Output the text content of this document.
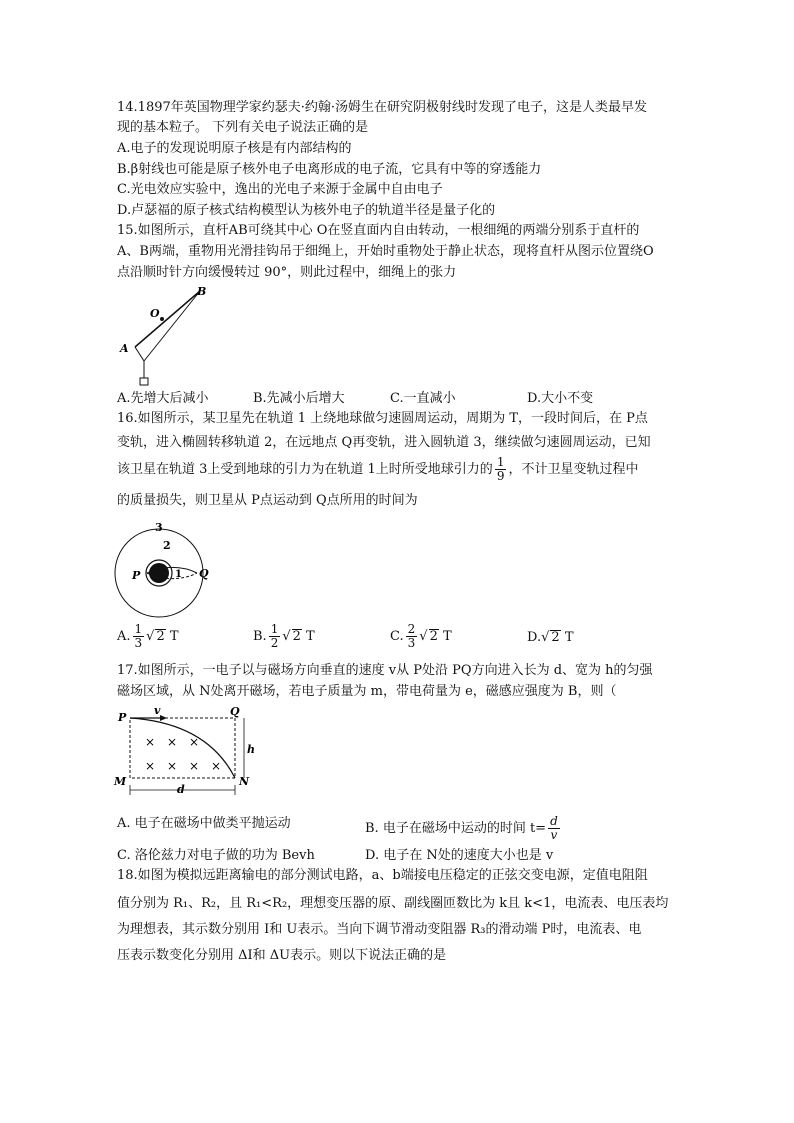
14.1897年英国物理学家约瑟夫·约翰·汤姆生在研究阴极射线时发现了电子，这是人类最早发
现的基本粒子。 下列有关电子说法正确的是
A.电子的发现说明原子核是有内部结构的
B.β射线也可能是原子核外电子电离形成的电子流，它具有中等的穿透能力
C.光电效应实验中，逸出的光电子来源于金属中自由电子
D.卢瑟福的原子核式结构模型认为核外电子的轨道半径是量子化的
15.如图所示，直杆AB可绕其中心 O在竖直面内自由转动，一根细绳的两端分别系于直杆的
A、B两端，重物用光滑挂钩吊于细绳上，开始时重物处于静止状态，现将直杆从图示位置绕O
点沿顺时针方向缓慢转过 90°，则此过程中，细绳上的张力
B
O
A
A.先增大后减小	B.先减小后增大	C.一直减小	D.大小不变
16.如图所示，某卫星先在轨道 1 上绕地球做匀速圆周运动，周期为 T，一段时间后，在 P点
变轨，进入椭圆转移轨道 2，在远地点 Q再变轨，进入圆轨道 3，继续做匀速圆周运动，已知
该卫星在轨道 3上受到地球的引力为在轨道 1上时所受地球引力的 $\frac{1}{9}$ ，不计卫星变轨过程中
的质量损失，则卫星从 P点运动到 Q点所用的时间为
3
2
1
P	Q
A. $\frac{1}{3}$ √ 2 T	B. $\frac{1}{2}$ √ 2 T	C. $\frac{2}{3}$ √ 2 T	D.√ 2 T
17.如图所示，一电子以与磁场方向垂直的速度 v从 P处沿 PQ方向进入长为 d、宽为 h的匀强
磁场区域，从 N处离开磁场，若电子质量为 m，带电荷量为 e，磁感应强度为 B，则（
× × ×
× × × ×
P
v	Q
h
M
d
N
A. 电子在磁场中做类平抛运动	B. 电子在磁场中运动的时间 $t= \frac{d}{v}$
C. 洛伦兹力对电子做的功为 Bevh	D. 电子在 N处的速度大小也是 v
18.如图为模拟远距离输电的部分测试电路，a、b端接电压稳定的正弦交变电源，定值电阻阻
值分别为 R₁、R₂，且 R₁<R₂，理想变压器的原、副线圈匝数比为 k且 k<1，电流表、电压表均
为理想表，其示数分别用 I和 U表示。当向下调节滑动变阻器 R₃的滑动端 P时，电流表、电
压表示数变化分别用 ΔI和 ΔU表示。则以下说法正确的是
